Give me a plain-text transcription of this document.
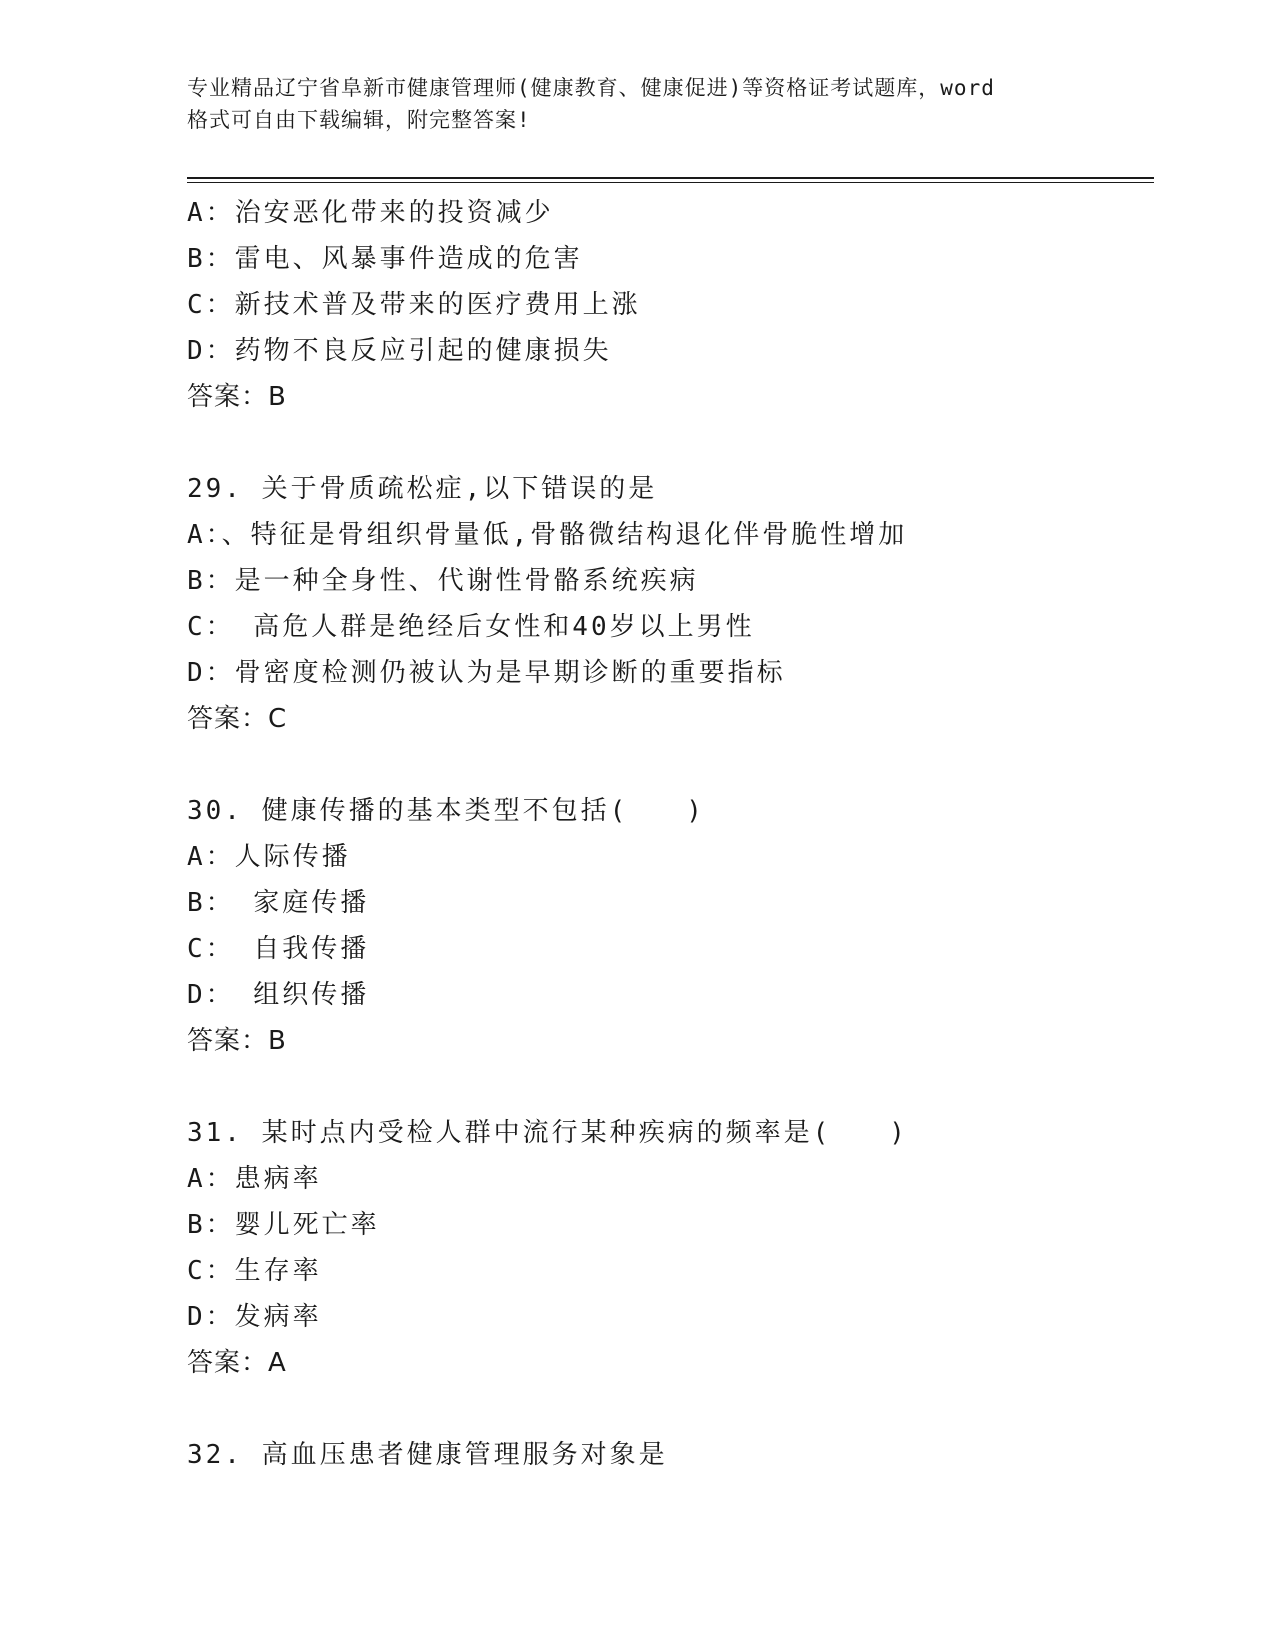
专业精品辽宁省阜新市健康管理师(健康教育、健康促进)等资格证考试题库，word
格式可自由下载编辑，附完整答案!
A：治安恶化带来的投资减少
B：雷电、风暴事件造成的危害
C：新技术普及带来的医疗费用上涨
D：药物不良反应引起的健康损失
答案：B
29. 关于骨质疏松症,以下错误的是
A：、特征是骨组织骨量低,骨骼微结构退化伴骨脆性增加
B：是一种全身性、代谢性骨骼系统疾病
C： 高危人群是绝经后女性和40岁以上男性
D：骨密度检测仍被认为是早期诊断的重要指标
答案：C
30. 健康传播的基本类型不包括(　　)
A：人际传播
B： 家庭传播
C： 自我传播
D： 组织传播
答案：B
31. 某时点内受检人群中流行某种疾病的频率是(　　)
A：患病率
B：婴儿死亡率
C：生存率
D：发病率
答案：A
32. 高血压患者健康管理服务对象是
